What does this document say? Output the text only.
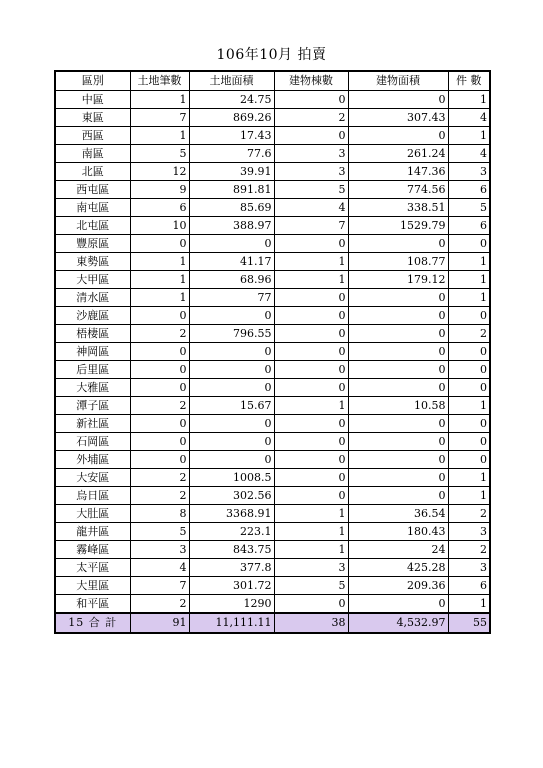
106年10月 拍賣
區別	土地筆數	土地面積	建物棟數	建物面積	件 數
中區	1	24.75	0	0	1
東區	7	869.26	2	307.43	4
西區	1	17.43	0	0	1
南區	5	77.6	3	261.24	4
北區	12	39.91	3	147.36	3
西屯區	9	891.81	5	774.56	6
南屯區	6	85.69	4	338.51	5
北屯區	10	388.97	7	1529.79	6
豐原區	0	0	0	0	0
東勢區	1	41.17	1	108.77	1
大甲區	1	68.96	1	179.12	1
清水區	1	77	0	0	1
沙鹿區	0	0	0	0	0
梧棲區	2	796.55	0	0	2
神岡區	0	0	0	0	0
后里區	0	0	0	0	0
大雅區	0	0	0	0	0
潭子區	2	15.67	1	10.58	1
新社區	0	0	0	0	0
石岡區	0	0	0	0	0
外埔區	0	0	0	0	0
大安區	2	1008.5	0	0	1
烏日區	2	302.56	0	0	1
大肚區	8	3368.91	1	36.54	2
龍井區	5	223.1	1	180.43	3
霧峰區	3	843.75	1	24	2
太平區	4	377.8	3	425.28	3
大里區	7	301.72	5	209.36	6
和平區	2	1290	0	0	1
15 合 計	91	11,111.11	38	4,532.97	55
